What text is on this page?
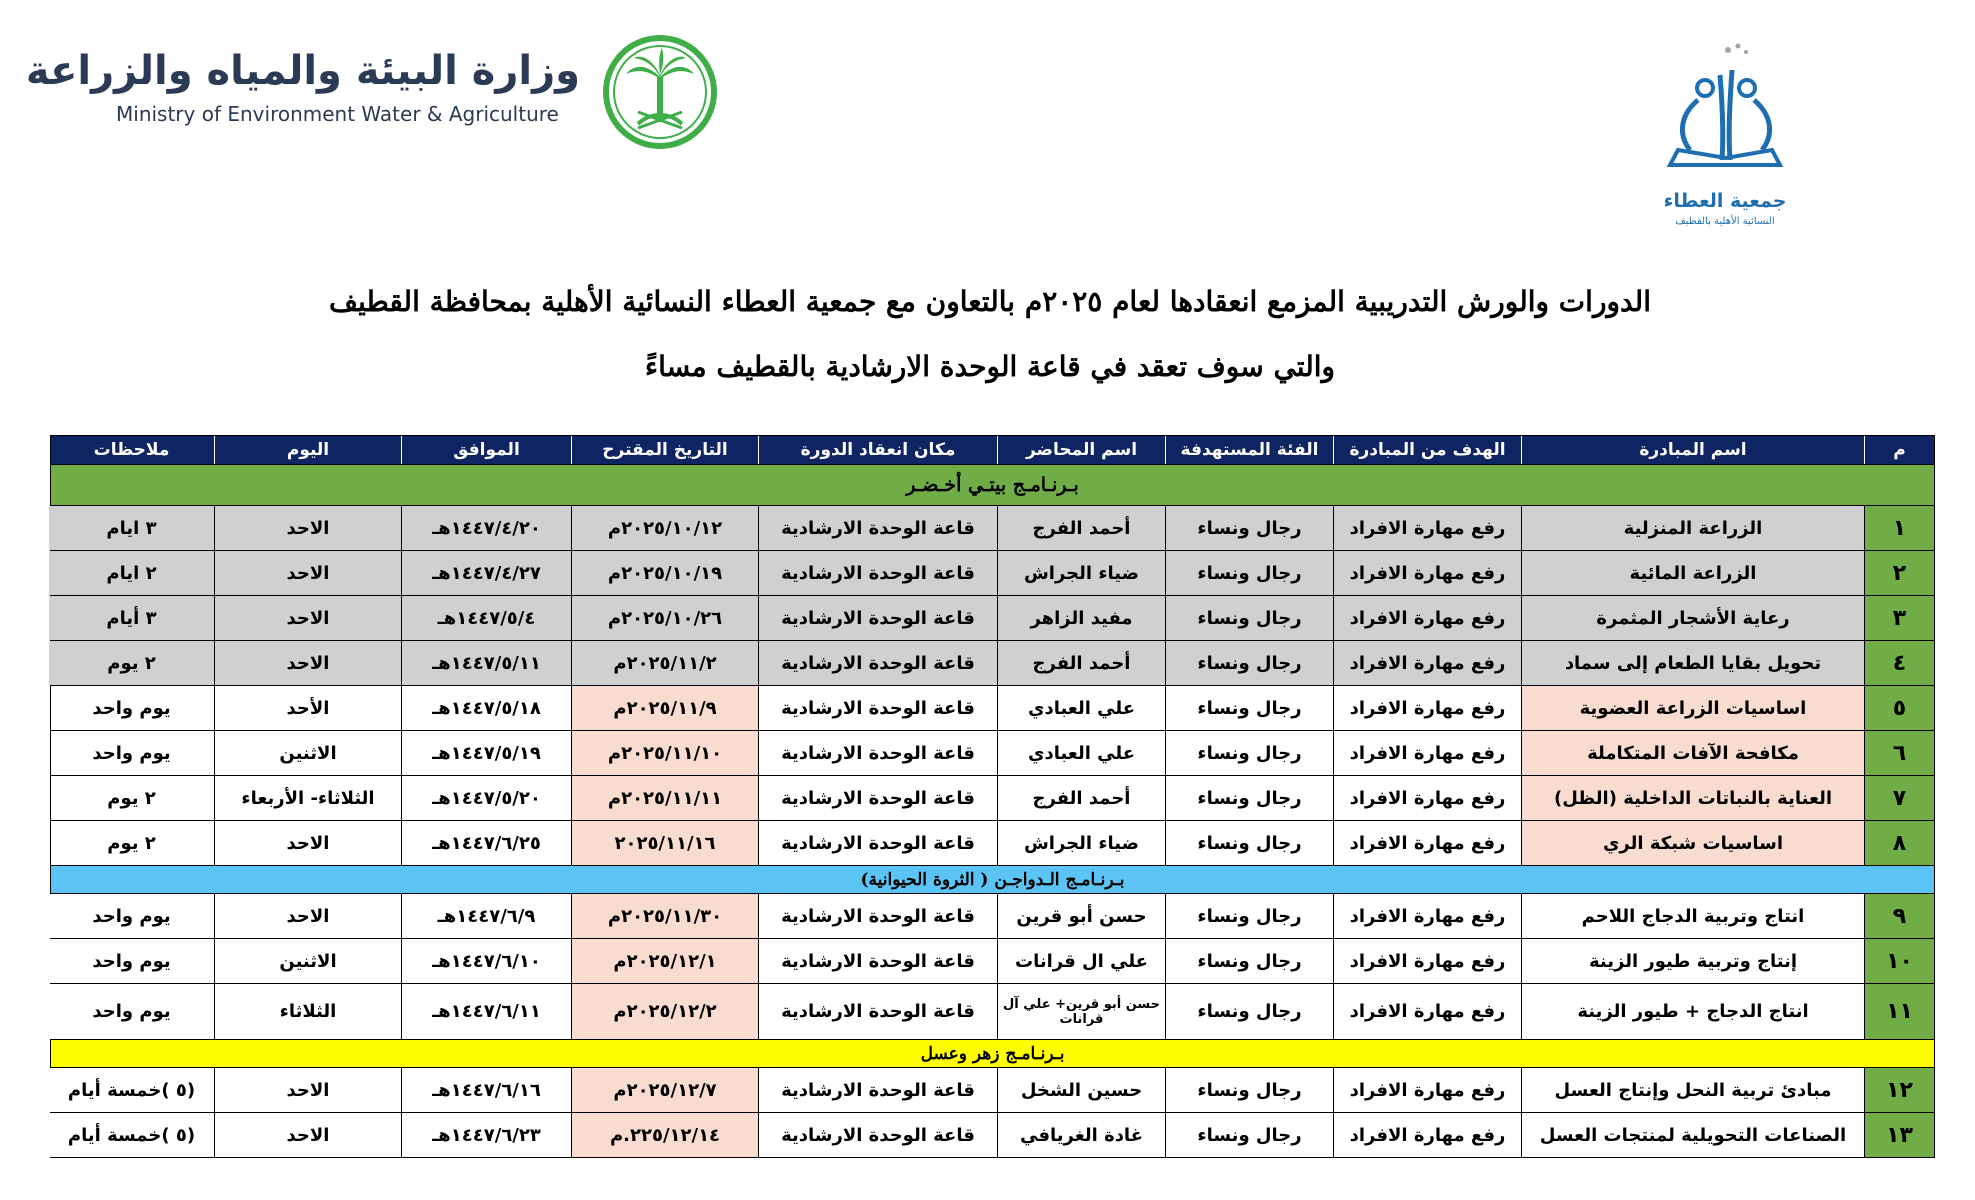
وزارة البيئة والمياه والزراعة
Ministry of Environment Water & Agriculture
جمعية العطاء
النسائية الأهلية بالقطيف
الدورات والورش التدريبية المزمع انعقادها لعام ٢٠٢٥م بالتعاون مع جمعية العطاء النسائية الأهلية بمحافظة القطيف
والتي سوف تعقد في قاعة الوحدة الارشادية بالقطيف مساءً
م
اسم المبادرة
الهدف من المبادرة
الفئة المستهدفة
اسم المحاضر
مكان انعقاد الدورة
التاريخ المقترح
الموافق
اليوم
ملاحظات
بـرنـامـج بيتـي أخـضـر
١
الزراعة المنزلية
رفع مهارة الافراد
رجال ونساء
أحمد الفرج
قاعة الوحدة الارشادية
٢٠٢٥/١٠/١٢م
١٤٤٧/٤/٢٠هـ
الاحد
٣ ايام
٢
الزراعة المائية
رفع مهارة الافراد
رجال ونساء
ضياء الجراش
قاعة الوحدة الارشادية
٢٠٢٥/١٠/١٩م
١٤٤٧/٤/٢٧هـ
الاحد
٢ ايام
٣
رعاية الأشجار المثمرة
رفع مهارة الافراد
رجال ونساء
مفيد الزاهر
قاعة الوحدة الارشادية
٢٠٢٥/١٠/٢٦م
١٤٤٧/٥/٤هـ
الاحد
٣ أيام
٤
تحويل بقايا الطعام إلى سماد
رفع مهارة الافراد
رجال ونساء
أحمد الفرج
قاعة الوحدة الارشادية
٢٠٢٥/١١/٢م
١٤٤٧/٥/١١هـ
الاحد
٢ يوم
٥
اساسيات الزراعة العضوية
رفع مهارة الافراد
رجال ونساء
علي العبادي
قاعة الوحدة الارشادية
٢٠٢٥/١١/٩م
١٤٤٧/٥/١٨هـ
الأحد
يوم واحد
٦
مكافحة الآفات المتكاملة
رفع مهارة الافراد
رجال ونساء
علي العبادي
قاعة الوحدة الارشادية
٢٠٢٥/١١/١٠م
١٤٤٧/٥/١٩هـ
الاثنين
يوم واحد
٧
العناية بالنباتات الداخلية (الظل)
رفع مهارة الافراد
رجال ونساء
أحمد الفرج
قاعة الوحدة الارشادية
٢٠٢٥/١١/١١م
١٤٤٧/٥/٢٠هـ
الثلاثاء- الأربعاء
٢ يوم
٨
اساسيات شبكة الري
رفع مهارة الافراد
رجال ونساء
ضياء الجراش
قاعة الوحدة الارشادية
٢٠٢٥/١١/١٦
١٤٤٧/٦/٢٥هـ
الاحد
٢ يوم
بـرنـامـج الـدواجـن ( الثروة الحيوانية)
٩
انتاج وتربية الدجاج اللاحم
رفع مهارة الافراد
رجال ونساء
حسن أبو قرين
قاعة الوحدة الارشادية
٢٠٢٥/١١/٣٠م
١٤٤٧/٦/٩هـ
الاحد
يوم واحد
١٠
إنتاج وتربية طيور الزينة
رفع مهارة الافراد
رجال ونساء
علي ال قرانات
قاعة الوحدة الارشادية
٢٠٢٥/١٢/١م
١٤٤٧/٦/١٠هـ
الاثنين
يوم واحد
١١
انتاج الدجاج + طيور الزينة
رفع مهارة الافراد
رجال ونساء
حسن أبو قرين+ علي آل قرانات
قاعة الوحدة الارشادية
٢٠٢٥/١٢/٢م
١٤٤٧/٦/١١هـ
الثلاثاء
يوم واحد
بـرنـامـج زهر وعسل
١٢
مبادئ تربية النحل وإنتاج العسل
رفع مهارة الافراد
رجال ونساء
حسين الشخل
قاعة الوحدة الارشادية
٢٠٢٥/١٢/٧م
١٤٤٧/٦/١٦هـ
الاحد
(٥ )خمسة أيام
١٣
الصناعات التحويلية لمنتجات العسل
رفع مهارة الافراد
رجال ونساء
غادة الغريافي
قاعة الوحدة الارشادية
٢٢٥/١٢/١٤.م
١٤٤٧/٦/٢٣هـ
الاحد
(٥ )خمسة أيام
